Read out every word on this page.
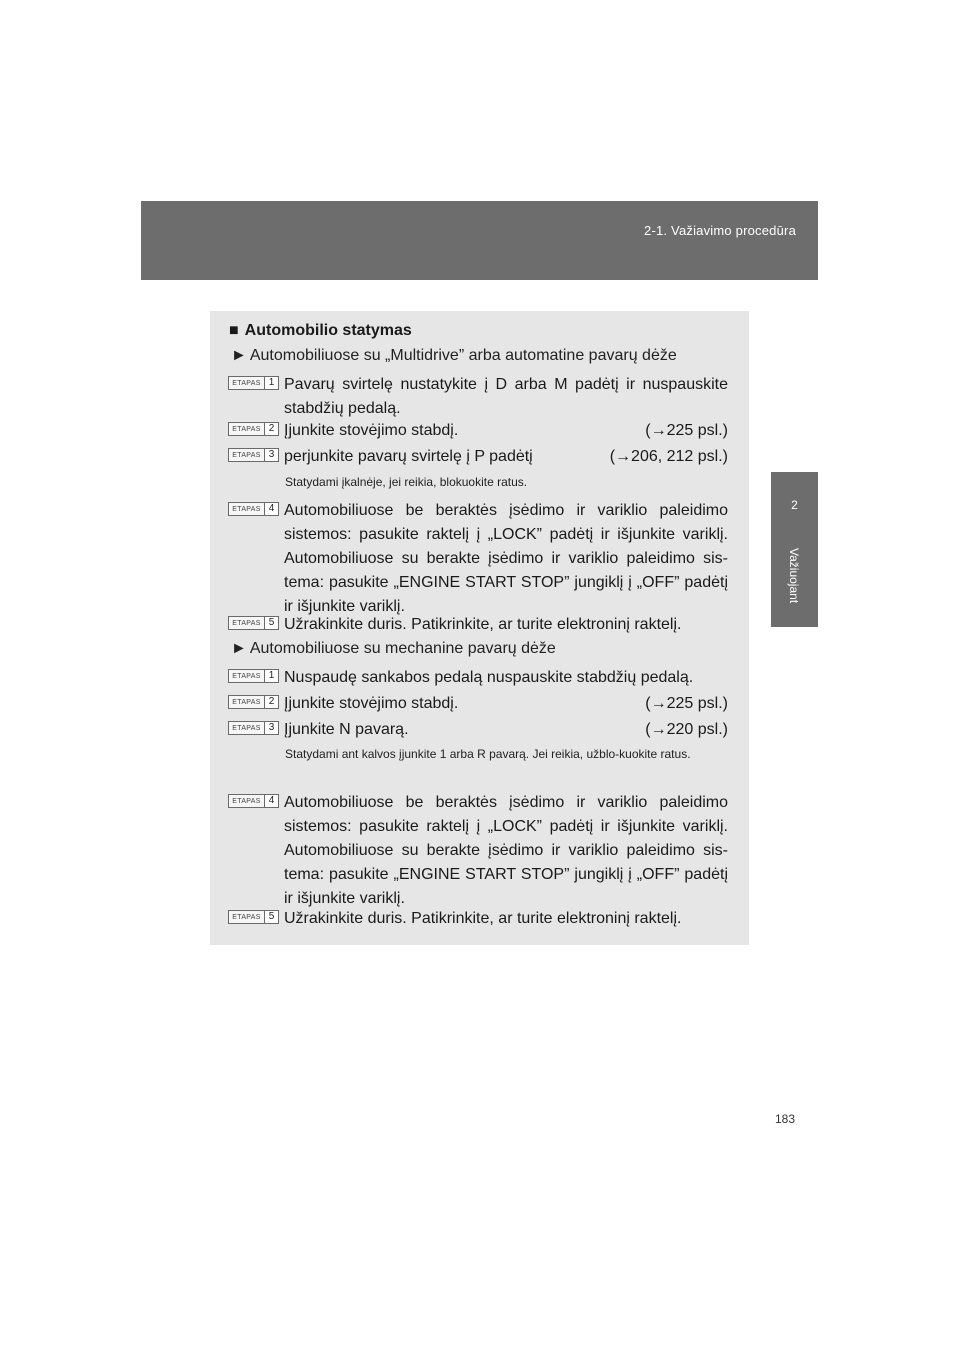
2-1. Važiavimo procedūra
2
Važiuojant
■ Automobilio statymas
► Automobiliuose su „Multidrive” arba automatine pavarų dėže
ETAPAS 1 Pavarų svirtelę nustatykite į D arba M padėtį ir nuspauskite stabdžių pedalą.
ETAPAS 2 Įjunkite stovėjimo stabdį.	(→225 psl.)
ETAPAS 3 perjunkite pavarų svirtelę į P padėtį	(→206, 212 psl.)
Statydami įkalnėje, jei reikia, blokuokite ratus.
ETAPAS 4 Automobiliuose be beraktės įsėdimo ir variklio paleidimo sistemos: pasukite raktelį į „LOCK” padėtį ir išjunkite variklį. Automobiliuose su berakte įsėdimo ir variklio paleidimo sis-tema: pasukite „ENGINE START STOP” jungiklį į „OFF” padėtį ir išjunkite variklį.
ETAPAS 5 Užrakinkite duris. Patikrinkite, ar turite elektroninį raktelį.
► Automobiliuose su mechanine pavarų dėže
ETAPAS 1 Nuspaudę sankabos pedalą nuspauskite stabdžių pedalą.
ETAPAS 2 Įjunkite stovėjimo stabdį.	(→225 psl.)
ETAPAS 3 Įjunkite N pavarą.	(→220 psl.)
Statydami ant kalvos įjunkite 1 arba R pavarą. Jei reikia, užblo-kuokite ratus.
ETAPAS 4 Automobiliuose be beraktės įsėdimo ir variklio paleidimo sistemos: pasukite raktelį į „LOCK” padėtį ir išjunkite variklį. Automobiliuose su berakte įsėdimo ir variklio paleidimo sis-tema: pasukite „ENGINE START STOP” jungiklį į „OFF” padėtį ir išjunkite variklį.
ETAPAS 5 Užrakinkite duris. Patikrinkite, ar turite elektroninį raktelį.
183
